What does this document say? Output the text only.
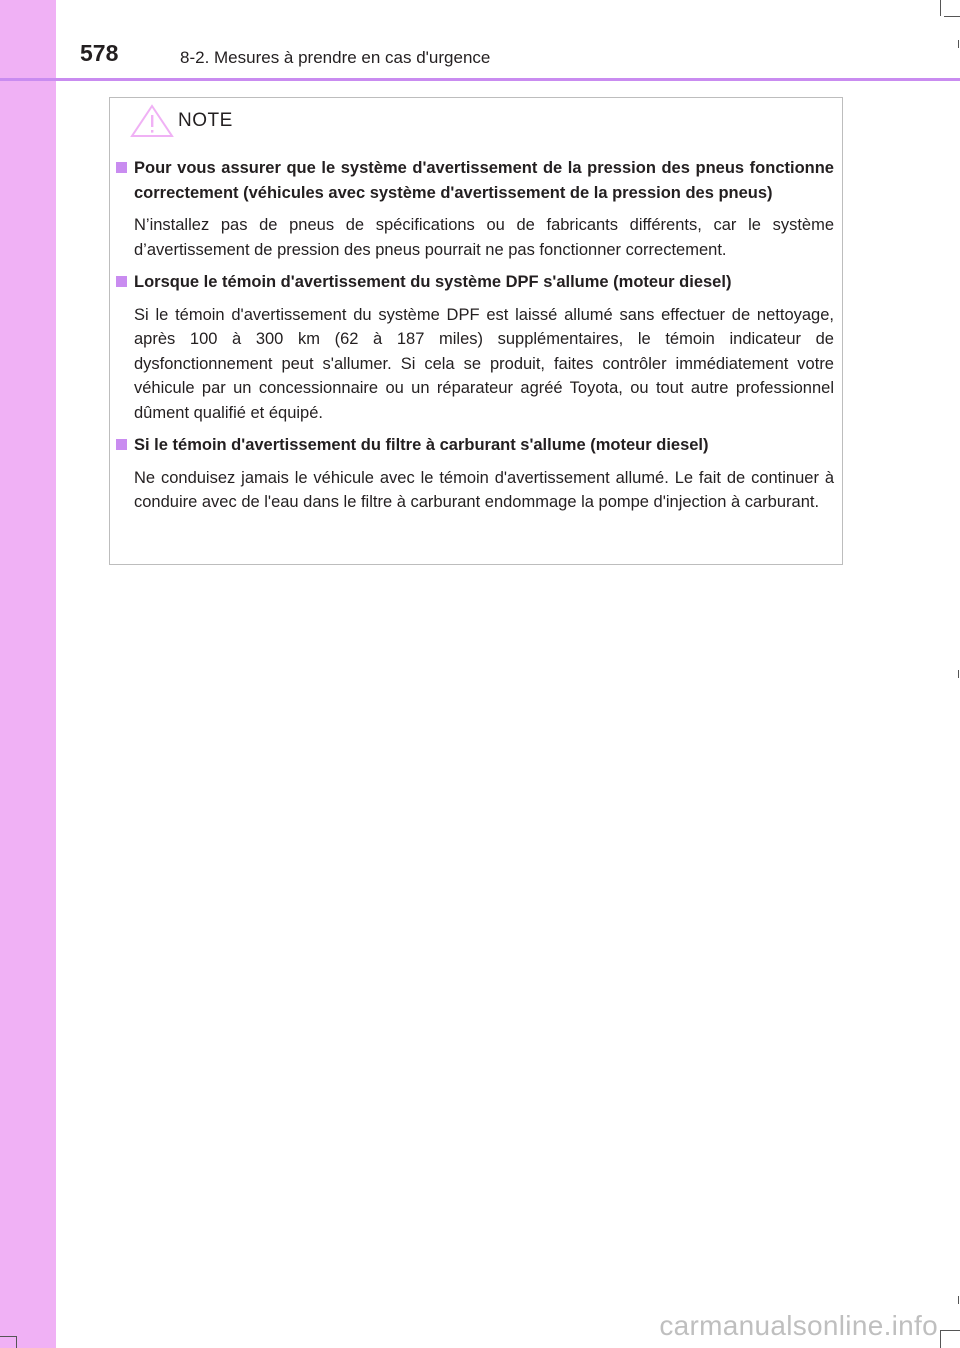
578	8-2. Mesures à prendre en cas d'urgence
NOTE
Pour vous assurer que le système d'avertissement de la pression des pneus fonctionne correctement (véhicules avec système d'avertissement de la pression des pneus)
N’installez pas de pneus de spécifications ou de fabricants différents, car le système d’avertissement de pression des pneus pourrait ne pas fonctionner correctement.
Lorsque le témoin d'avertissement du système DPF s'allume (moteur diesel)
Si le témoin d'avertissement du système DPF est laissé allumé sans effectuer de nettoyage, après 100 à 300 km (62 à 187 miles) supplémentaires, le témoin indicateur de dysfonctionnement peut s'allumer. Si cela se produit, faites contrôler immédiatement votre véhicule par un concessionnaire ou un réparateur agréé Toyota, ou tout autre professionnel dûment qualifié et équipé.
Si le témoin d'avertissement du filtre à carburant s'allume (moteur diesel)
Ne conduisez jamais le véhicule avec le témoin d'avertissement allumé. Le fait de continuer à conduire avec de l'eau dans le filtre à carburant endommage la pompe d'injection à carburant.
carmanualsonline.info
